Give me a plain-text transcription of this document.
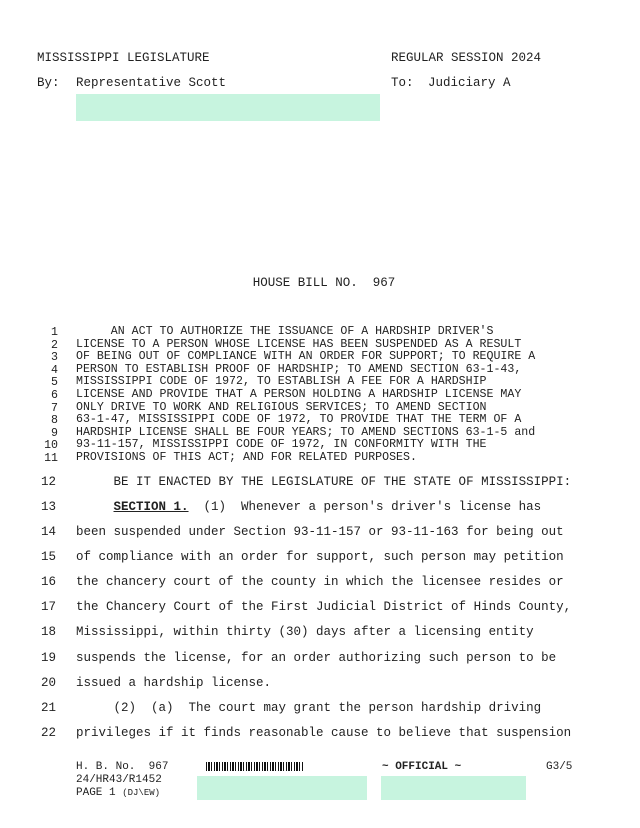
MISSISSIPPI LEGISLATURE	REGULAR SESSION 2024
By: Representative Scott	To: Judiciary A
HOUSE BILL NO.  967
1 AN ACT TO AUTHORIZE THE ISSUANCE OF A HARDSHIP DRIVER'S
2 LICENSE TO A PERSON WHOSE LICENSE HAS BEEN SUSPENDED AS A RESULT
3 OF BEING OUT OF COMPLIANCE WITH AN ORDER FOR SUPPORT; TO REQUIRE A
4 PERSON TO ESTABLISH PROOF OF HARDSHIP; TO AMEND SECTION 63-1-43,
5 MISSISSIPPI CODE OF 1972, TO ESTABLISH A FEE FOR A HARDSHIP
6 LICENSE AND PROVIDE THAT A PERSON HOLDING A HARDSHIP LICENSE MAY
7 ONLY DRIVE TO WORK AND RELIGIOUS SERVICES; TO AMEND SECTION
8 63-1-47, MISSISSIPPI CODE OF 1972, TO PROVIDE THAT THE TERM OF A
9 HARDSHIP LICENSE SHALL BE FOUR YEARS; TO AMEND SECTIONS 63-1-5 and
10 93-11-157, MISSISSIPPI CODE OF 1972, IN CONFORMITY WITH THE
11 PROVISIONS OF THIS ACT; AND FOR RELATED PURPOSES.
12 BE IT ENACTED BY THE LEGISLATURE OF THE STATE OF MISSISSIPPI:
13	SECTION 1.  (1)  Whenever a person's driver's license has
14 been suspended under Section 93-11-157 or 93-11-163 for being out
15 of compliance with an order for support, such person may petition
16 the chancery court of the county in which the licensee resides or
17 the Chancery Court of the First Judicial District of Hinds County,
18 Mississippi, within thirty (30) days after a licensing entity
19 suspends the license, for an order authorizing such person to be
20 issued a hardship license.
21 (2)  (a)  The court may grant the person hardship driving
22 privileges if it finds reasonable cause to believe that suspension
H. B. No.  967
24/HR43/R1452
PAGE 1 (DJ\EW)
~ OFFICIAL ~	G3/5
